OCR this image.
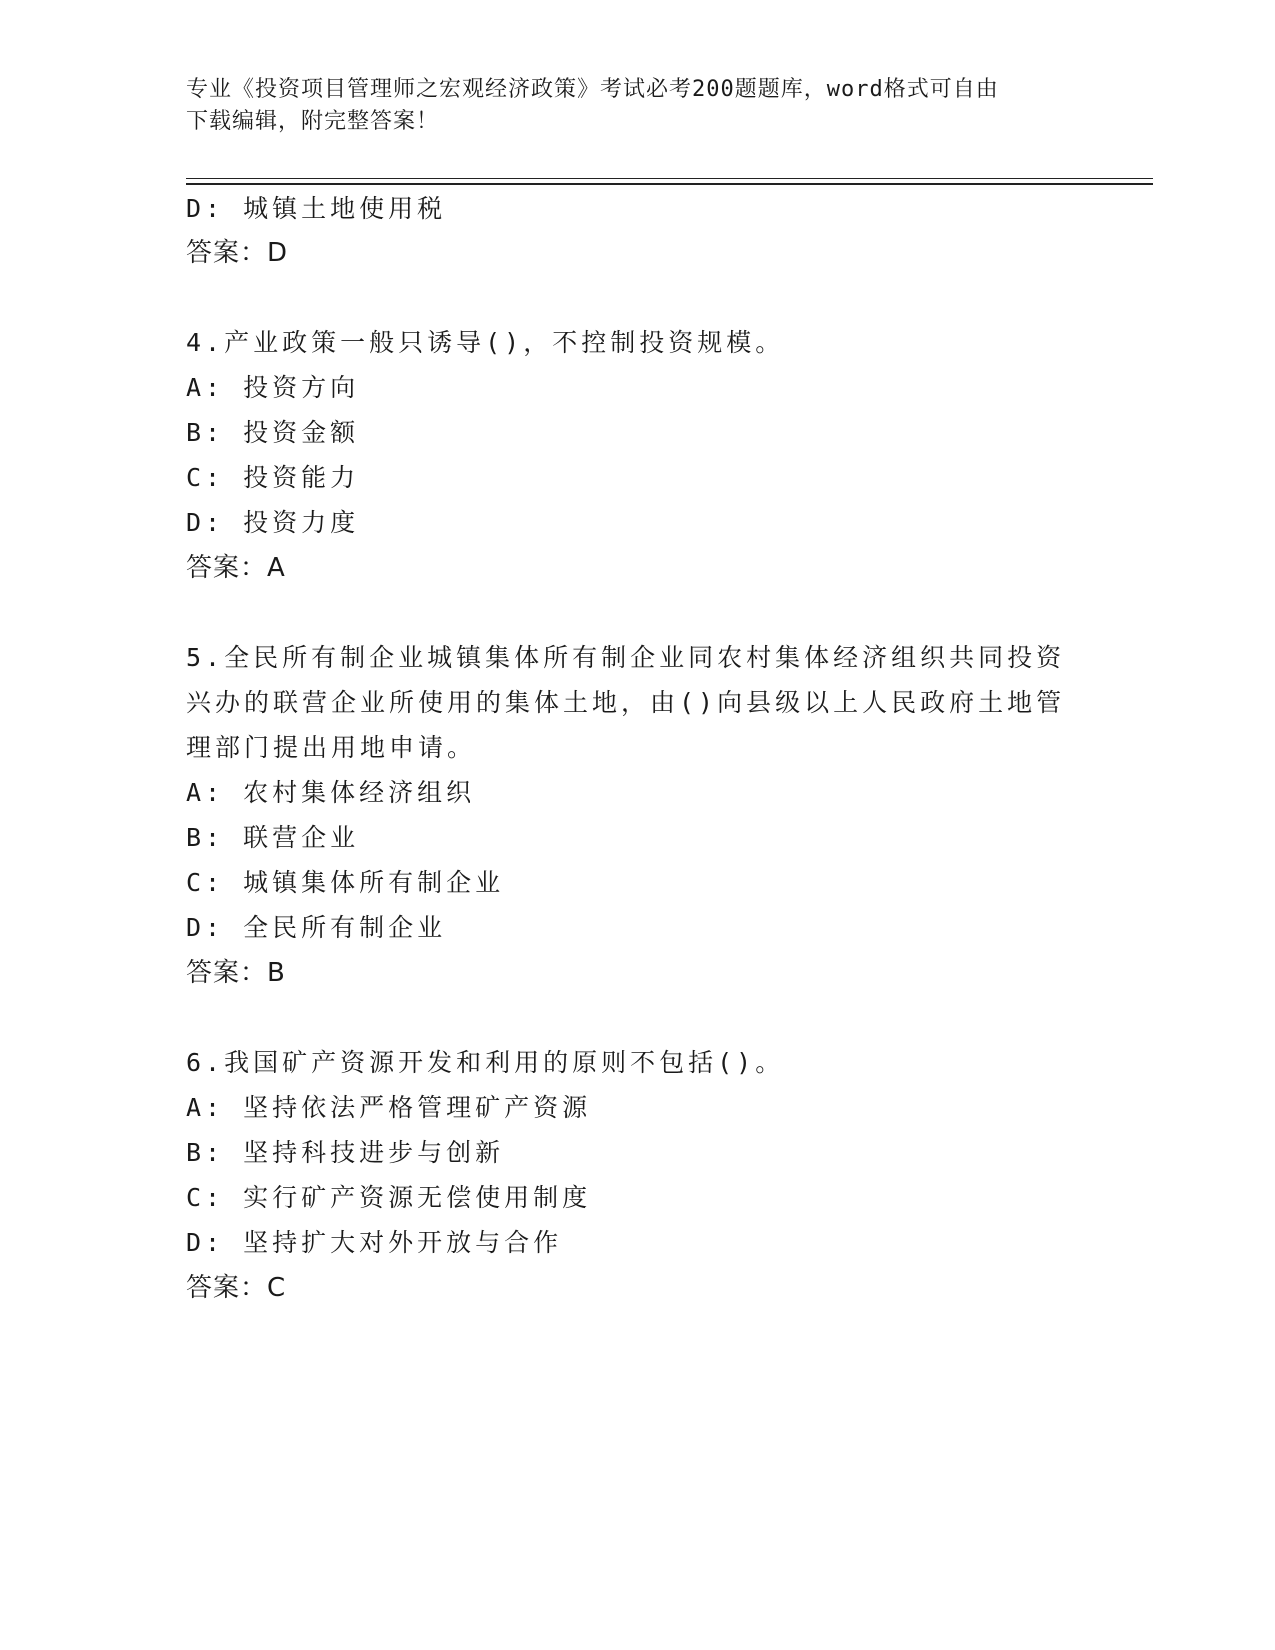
专业《投资项目管理师之宏观经济政策》考试必考200题题库，word格式可自由
下载编辑，附完整答案！
D: 城镇土地使用税
答案：D
4.产业政策一般只诱导()，不控制投资规模。
A: 投资方向
B: 投资金额
C: 投资能力
D: 投资力度
答案：A
5.全民所有制企业城镇集体所有制企业同农村集体经济组织共同投资
兴办的联营企业所使用的集体土地，由()向县级以上人民政府土地管
理部门提出用地申请。
A: 农村集体经济组织
B: 联营企业
C: 城镇集体所有制企业
D: 全民所有制企业
答案：B
6.我国矿产资源开发和利用的原则不包括()。
A: 坚持依法严格管理矿产资源
B: 坚持科技进步与创新
C: 实行矿产资源无偿使用制度
D: 坚持扩大对外开放与合作
答案：C
